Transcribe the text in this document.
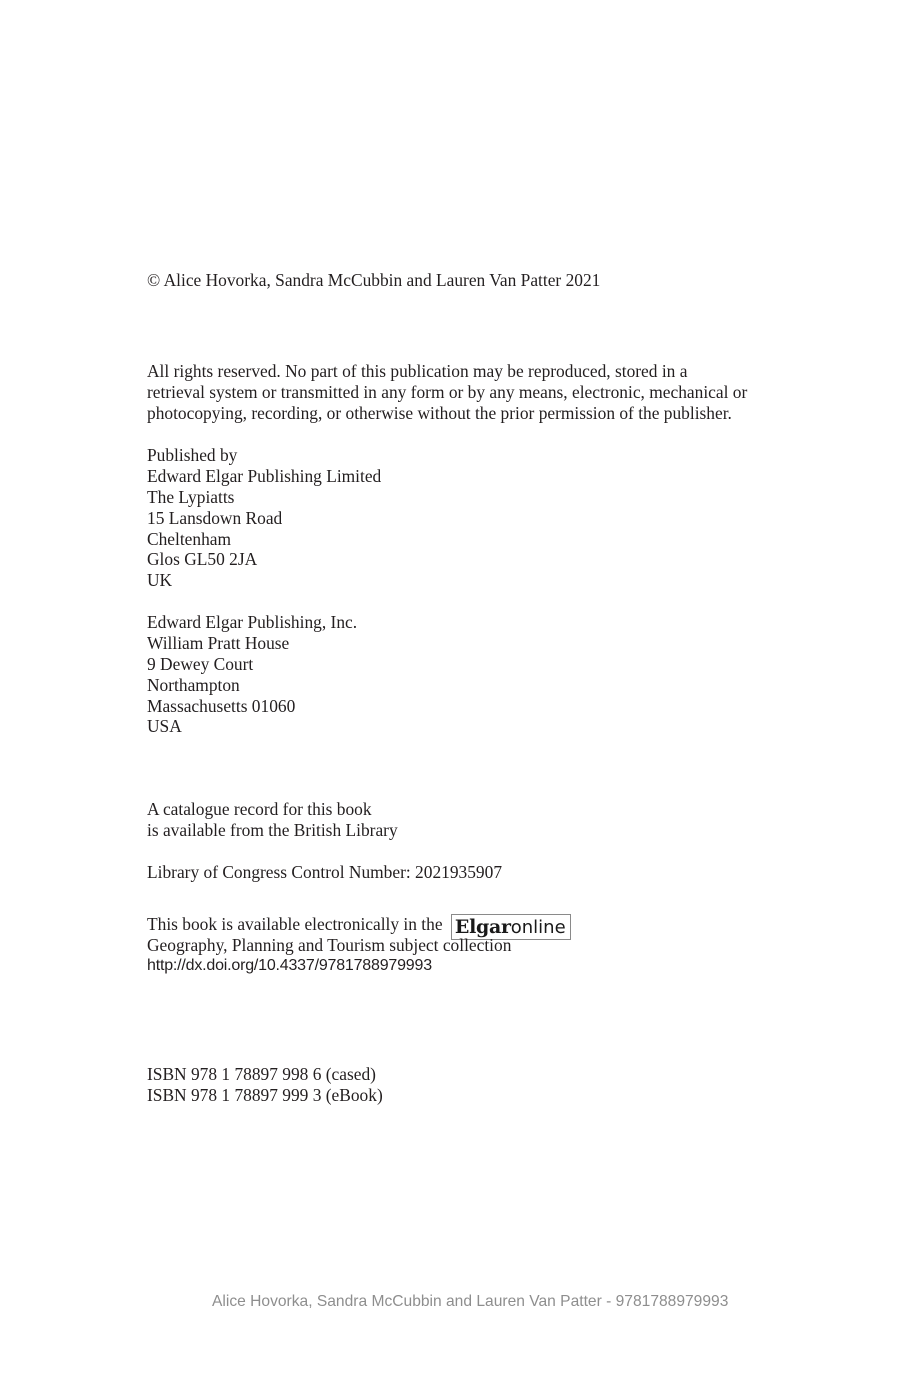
© Alice Hovorka, Sandra McCubbin and Lauren Van Patter 2021
All rights reserved. No part of this publication may be reproduced, stored in a
retrieval system or transmitted in any form or by any means, electronic, mechanical or
photocopying, recording, or otherwise without the prior permission of the publisher.
Published by
Edward Elgar Publishing Limited
The Lypiatts
15 Lansdown Road
Cheltenham
Glos GL50 2JA
UK
Edward Elgar Publishing, Inc.
William Pratt House
9 Dewey Court
Northampton
Massachusetts 01060
USA
A catalogue record for this book
is available from the British Library
Library of Congress Control Number: 2021935907
This book is available electronically in the Elgaronline
Geography, Planning and Tourism subject collection
http://dx.doi.org/10.4337/9781788979993
ISBN 978 1 78897 998 6 (cased)
ISBN 978 1 78897 999 3 (eBook)
Alice Hovorka, Sandra McCubbin and Lauren Van Patter - 9781788979993
